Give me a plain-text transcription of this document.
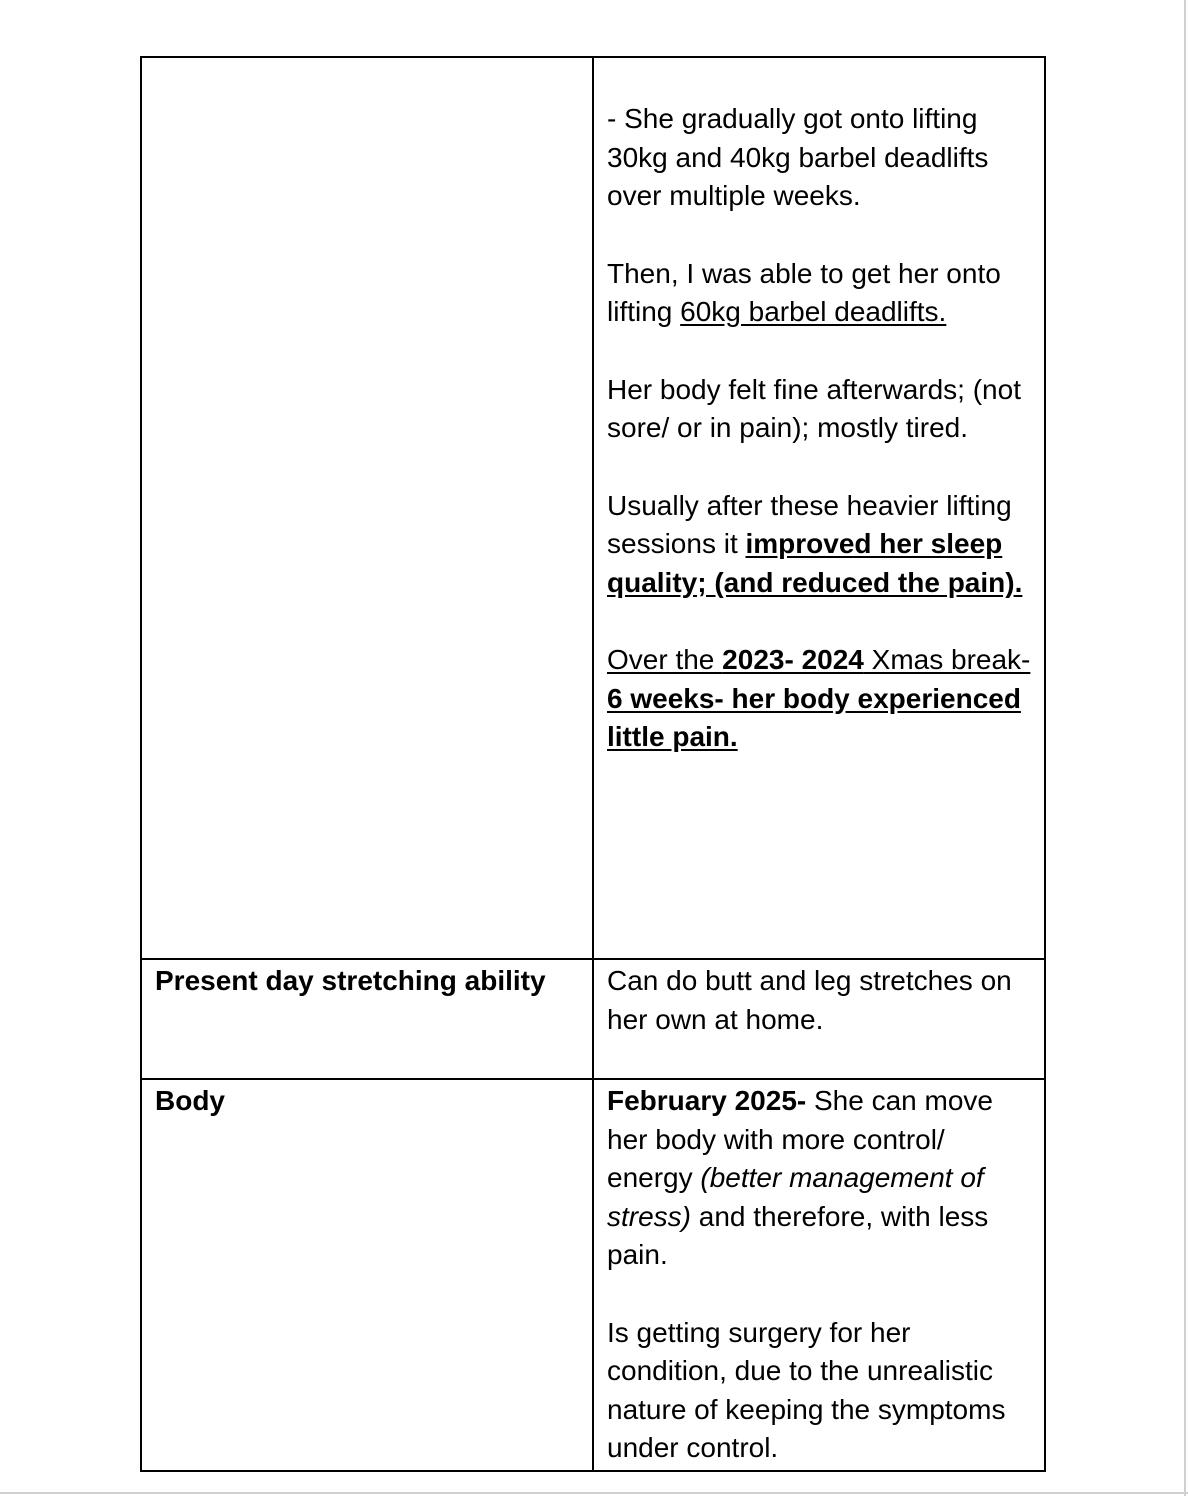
	- She gradually got onto lifting 30kg and 40kg barbel deadlifts over multiple weeks.

Then, I was able to get her onto lifting 60kg barbel deadlifts.

Her body felt fine afterwards; (not sore/ or in pain); mostly tired.

Usually after these heavier lifting sessions it improved her sleep quality; (and reduced the pain).

Over the 2023- 2024 Xmas break- 6 weeks- her body experienced little pain.

Present day stretching ability	Can do butt and leg stretches on her own at home.

Body	February 2025- She can move her body with more control/ energy (better management of stress) and therefore, with less pain.

Is getting surgery for her condition, due to the unrealistic nature of keeping the symptoms under control.
